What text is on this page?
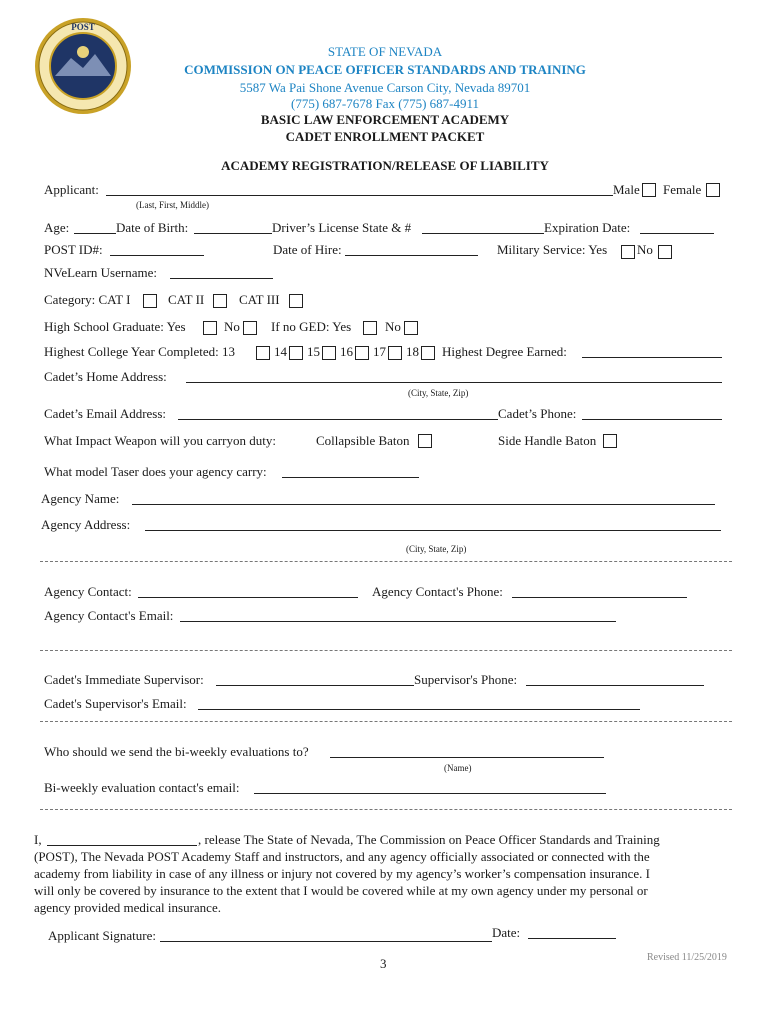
POST
STATE OF NEVADA
COMMISSION ON PEACE OFFICER STANDARDS AND TRAINING
5587 Wa Pai Shone Avenue Carson City, Nevada 89701
(775) 687-7678 Fax (775) 687-4911
BASIC LAW ENFORCEMENT ACADEMY
CADET ENROLLMENT PACKET
ACADEMY REGISTRATION/RELEASE OF LIABILITY
Applicant:	Male Female
(Last, First, Middle)
Age:	Date of Birth:	Driver’s License State & #	Expiration Date:
POST ID#:	Date of Hire:	Military Service: Yes No
NVeLearn Username:
Category: CAT I	CAT II	CAT III
High School Graduate: Yes	No If no GED: Yes	No
Highest College Year Completed: 13	14 15 16 17 18 Highest Degree Earned:
Cadet’s Home Address:
(City, State, Zip)
Cadet’s Email Address:	Cadet’s Phone:
What Impact Weapon will you carryon duty:	Collapsible Baton	Side Handle Baton
What model Taser does your agency carry:
Agency Name:
Agency Address:
(City, State, Zip)
Agency Contact:	Agency Contact's Phone:
Agency Contact's Email:
Cadet's Immediate Supervisor:	Supervisor's Phone:
Cadet's Supervisor's Email:
Who should we send the bi-weekly evaluations to?
(Name)
Bi-weekly evaluation contact's email:
I,	, release The State of Nevada, The Commission on Peace Officer Standards and Training
(POST), The Nevada POST Academy Staff and instructors, and any agency officially associated or connected with the
academy from liability in case of any illness or injury not covered by my agency’s worker’s compensation insurance. I
will only be covered by insurance to the extent that I would be covered while at my own agency under my personal or
agency provided medical insurance.
Applicant Signature:	Date:
3	Revised 11/25/2019
